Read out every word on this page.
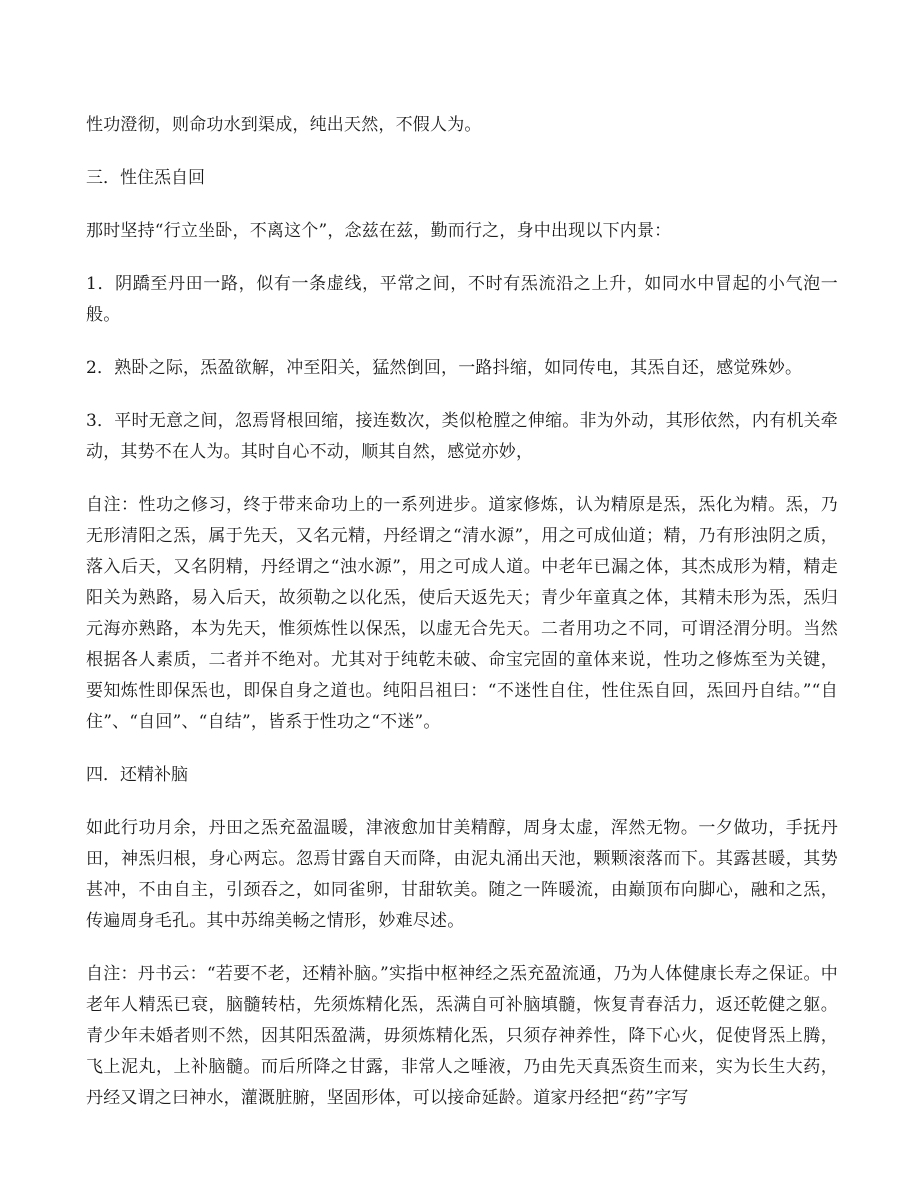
性功澄彻，则命功水到渠成，纯出天然，不假人为。

三．性住炁自回

那时坚持“行立坐卧，不离这个”，念兹在兹，勤而行之，身中出现以下内景：

1．阴蹻至丹田一路，似有一条虚线，平常之间，不时有炁流沿之上升，如同水中冒起的小气泡一般。

2．熟卧之际，炁盈欲解，冲至阳关，猛然倒回，一路抖缩，如同传电，其炁自还，感觉殊妙。

3．平时无意之间，忽焉肾根回缩，接连数次，类似枪膛之伸缩。非为外动，其形依然，内有机关牵动，其势不在人为。其时自心不动，顺其自然，感觉亦妙，

自注：性功之修习，终于带来命功上的一系列进步。道家修炼，认为精原是炁，炁化为精。炁，乃无形清阳之炁，属于先天，又名元精，丹经谓之“清水源”，用之可成仙道；精，乃有形浊阴之质，落入后天，又名阴精，丹经谓之“浊水源”，用之可成人道。中老年已漏之体，其杰成形为精，精走阳关为熟路，易入后天，故须勒之以化炁，使后天返先天；青少年童真之体，其精未形为炁，炁归元海亦熟路，本为先天，惟须炼性以保炁，以虚无合先天。二者用功之不同，可谓泾渭分明。当然根据各人素质，二者并不绝对。尤其对于纯乾未破、命宝完固的童体来说，性功之修炼至为关键，要知炼性即保炁也，即保自身之道也。纯阳吕祖曰：“不迷性自住，性住炁自回，炁回丹自结。”“自住”、“自回”、“自结”，皆系于性功之“不迷”。

四．还精补脑

如此行功月余，丹田之炁充盈温暖，津液愈加甘美精醇，周身太虚，浑然无物。一夕做功，手抚丹田，神炁归根，身心两忘。忽焉甘露自天而降，由泥丸涌出天池，颗颗滚落而下。其露甚暖，其势甚冲，不由自主，引颈吞之，如同雀卵，甘甜软美。随之一阵暖流，由巅顶布向脚心，融和之炁，传遍周身毛孔。其中苏绵美畅之情形，妙难尽述。

自注：丹书云：“若要不老，还精补脑。”实指中枢神经之炁充盈流通，乃为人体健康长寿之保证。中老年人精炁已衰，脑髓转枯，先须炼精化炁，炁满自可补脑填髓，恢复青春活力，返还乾健之躯。青少年未婚者则不然，因其阳炁盈满，毋须炼精化炁，只须存神养性，降下心火，促使肾炁上腾，飞上泥丸，上补脑髓。而后所降之甘露，非常人之唾液，乃由先天真炁资生而来，实为长生大药，丹经又谓之曰神水，灌溉脏腑，坚固形体，可以接命延龄。道家丹经把“药”字写
